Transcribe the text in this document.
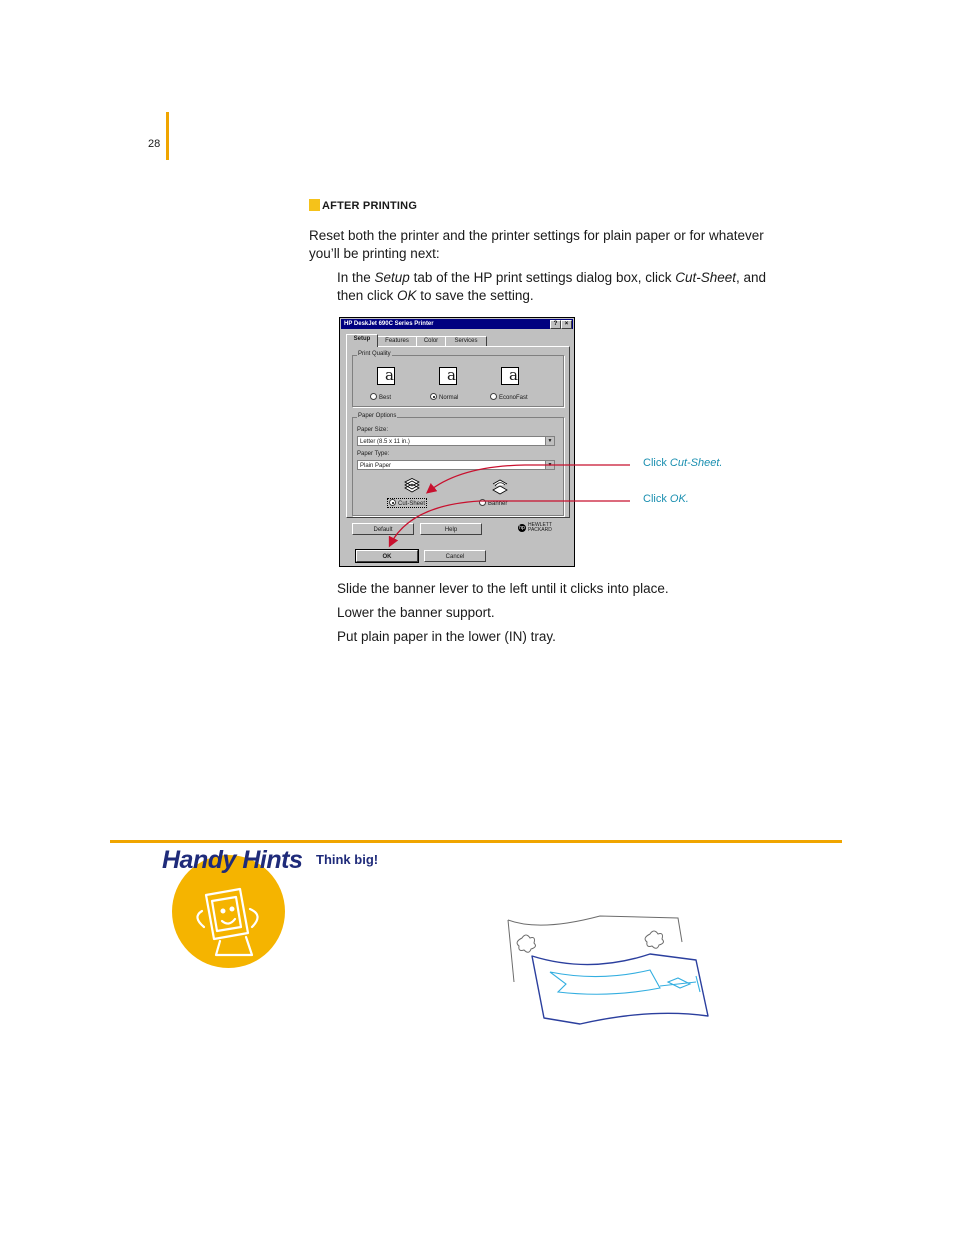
28
AFTER PRINTING
Reset both the printer and the printer settings for plain paper or for whatever you’ll be printing next:
In the Setup tab of the HP print settings dialog box, click Cut-Sheet, and then click OK to save the setting.
HP DeskJet 690C Series Printer	?	×
Setup	Features	Color	Services
Print Quality
a	a	a
Best	Normal	EconoFast
Paper Options
Paper Size:
Letter (8.5 x 11 in.)	▼
Paper Type:
Plain Paper	▼
Cut-Sheet	Banner
Default	Help	hp HEWLETT
PACKARD
OK	Cancel
Click Cut-Sheet.
Click OK.
Slide the banner lever to the left until it clicks into place.
Lower the banner support.
Put plain paper in the lower (IN) tray.
Handy Hints Think big!
